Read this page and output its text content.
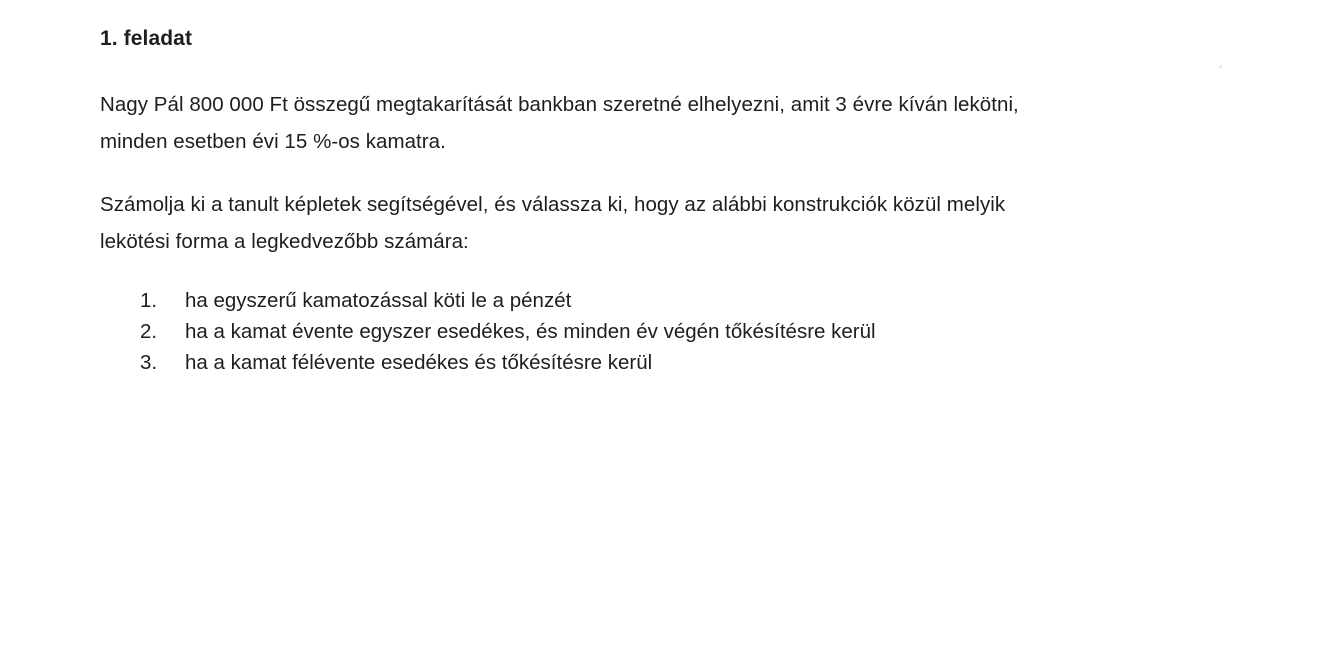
1. feladat
Nagy Pál 800 000 Ft összegű megtakarítását bankban szeretné elhelyezni, amit 3 évre kíván lekötni,
minden esetben évi 15 %-os kamatra.
Számolja ki a tanult képletek segítségével, és válassza ki, hogy az alábbi konstrukciók közül melyik
lekötési forma a legkedvezőbb számára:
1.	ha egyszerű kamatozással köti le a pénzét
2.	ha a kamat évente egyszer esedékes, és minden év végén tőkésítésre kerül
3.	ha a kamat félévente esedékes és tőkésítésre kerül
